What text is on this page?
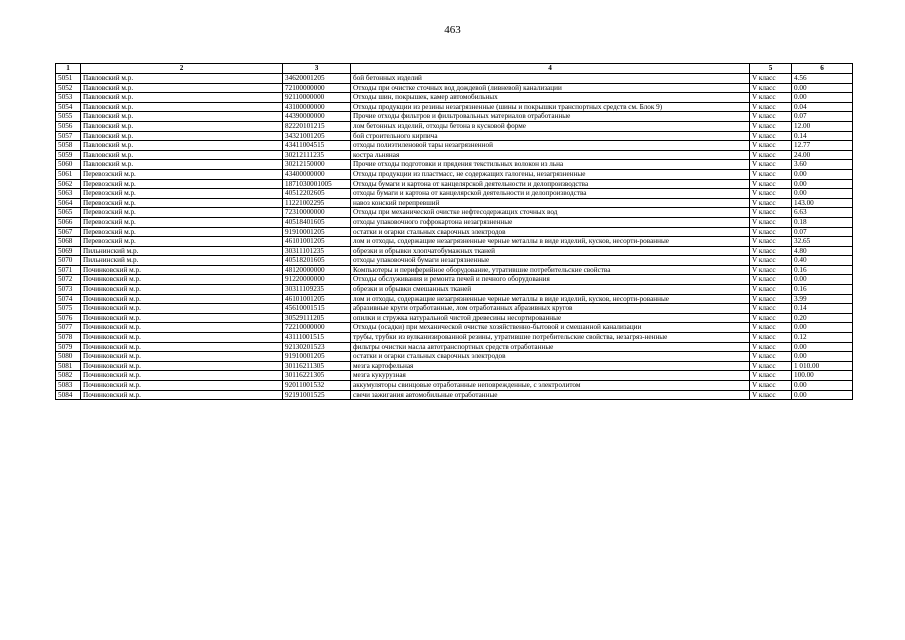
463
1	2	3	4	5	6
5051	Павловский м.р.	34620001205	бой бетонных изделий	V класс	4.56
5052	Павловский м.р.	72100000000	Отходы при очистке сточных вод дождевой (ливневой) канализации	V класс	0.00
5053	Павловский м.р.	92110000000	Отходы шин, покрышек, камер автомобильных	V класс	0.00
5054	Павловский м.р.	43100000000	Отходы продукции из резины незагрязненные (шины и покрышки транспортных средств см. Блок 9)	V класс	0.04
5055	Павловский м.р.	44390000000	Прочие отходы фильтров и фильтровальных материалов отработанные	V класс	0.07
5056	Павловский м.р.	82220101215	лом бетонных изделий, отходы бетона в кусковой форме	V класс	12.00
5057	Павловский м.р.	34321001205	бой строительного кирпича	V класс	0.14
5058	Павловский м.р.	43411004515	отходы полиэтиленовой тары незагрязненной	V класс	12.77
5059	Павловский м.р.	30212111235	костра льняная	V класс	24.00
5060	Павловский м.р.	30212150000	Прочие отходы подготовки и прядения текстильных волокон из льна	V класс	3.60
5061	Перевозский м.р.	43400000000	Отходы продукции из пластмасс, не содержащих галогены, незагрязненные	V класс	0.00
5062	Перевозский м.р.	1871030001005	Отходы бумаги и картона от канцелярской деятельности и делопроизводства	V класс	0.00
5063	Перевозский м.р.	40512202605	отходы бумаги и картона от канцелярской деятельности и делопроизводства	V класс	0.00
5064	Перевозский м.р.	11221002295	навоз конский перепревший	V класс	143.00
5065	Перевозский м.р.	72310000000	Отходы при механической очистке нефтесодержащих сточных вод	V класс	6.63
5066	Перевозский м.р.	40518401605	отходы упаковочного гофрокартона незагрязненные	V класс	0.18
5067	Перевозский м.р.	91910001205	остатки и огарки стальных сварочных электродов	V класс	0.07
5068	Перевозский м.р.	46101001205	лом и отходы, содержащие незагрязненные черные металлы в виде изделий, кусков, несорти-рованные	V класс	32.65
5069	Пильнинский м.р.	30311101235	обрезки и обрывки хлопчатобумажных тканей	V класс	4.80
5070	Пильнинский м.р.	40518201605	отходы упаковочной бумаги незагрязненные	V класс	0.40
5071	Починковский м.р.	48120000000	Компьютеры и периферийное оборудование, утратившие потребительские свойства	V класс	0.16
5072	Починковский м.р.	91220000000	Отходы обслуживания и ремонта печей и печного оборудования	V класс	0.00
5073	Починковский м.р.	30311109235	обрезки и обрывки смешанных тканей	V класс	0.16
5074	Починковский м.р.	46101001205	лом и отходы, содержащие незагрязненные черные металлы в виде изделий, кусков, несорти-рованные	V класс	3.99
5075	Починковский м.р.	45610001515	абразивные круги отработанные, лом отработанных абразивных кругов	V класс	0.14
5076	Починковский м.р.	30529111205	опилки и стружка натуральной чистой древесины несортированные	V класс	0.20
5077	Починковский м.р.	72210000000	Отходы (осадки) при механической очистке хозяйственно-бытовой и смешанной канализации	V класс	0.00
5078	Починковский м.р.	43111001515	трубы, трубки из вулканизированной резины, утратившие потребительские свойства, незагряз-ненные	V класс	0.12
5079	Починковский м.р.	92130201523	фильтры очистки масла автотранспортных средств отработанные	V класс	0.00
5080	Починковский м.р.	91910001205	остатки и огарки стальных сварочных электродов	V класс	0.00
5081	Починковский м.р.	30116211305	мезга картофельная	V класс	1 010.00
5082	Починковский м.р.	30116221305	мезга кукурузная	V класс	100.00
5083	Починковский м.р.	92011001532	аккумуляторы свинцовые отработанные неповрежденные, с электролитом	V класс	0.00
5084	Починковский м.р.	92191001525	свечи зажигания автомобильные отработанные	V класс	0.00
